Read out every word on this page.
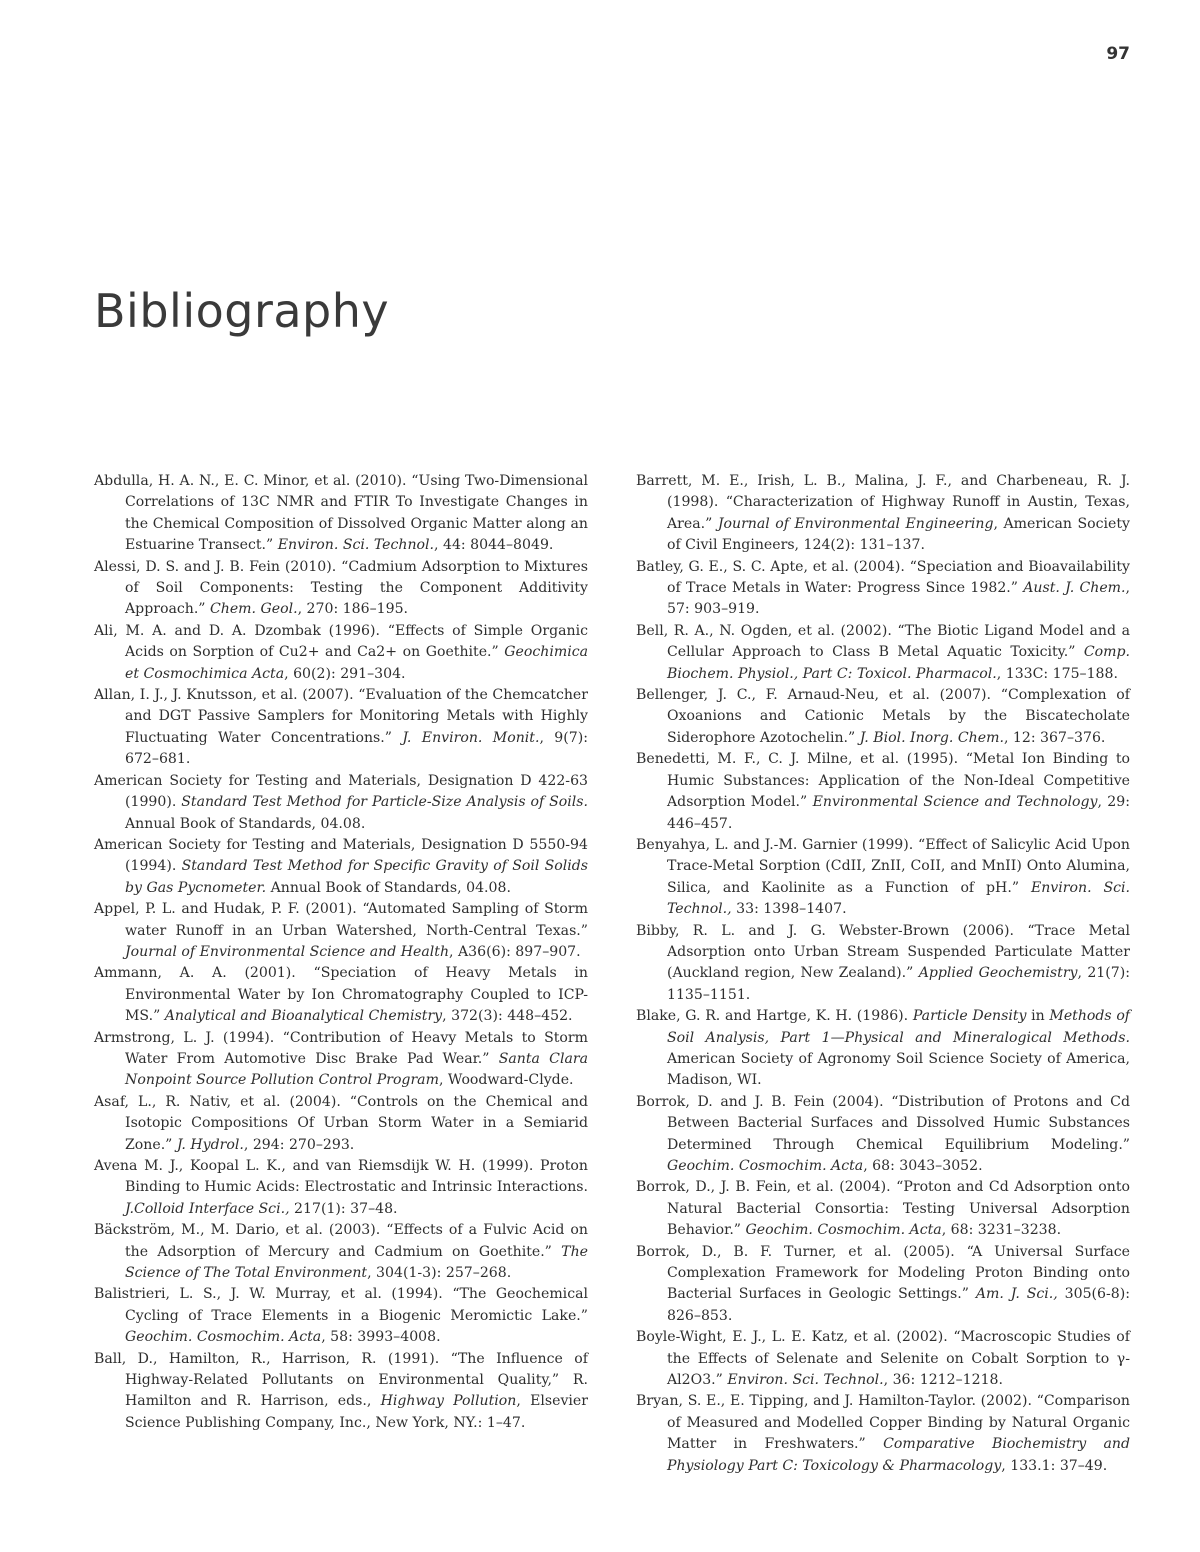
97
Bibliography
Abdulla, H. A. N., E. C. Minor, et al. (2010). “Using Two-Dimensional Correlations of 13C NMR and FTIR To Investigate Changes in the Chemical Composition of Dissolved Organic Matter along an Estuarine Transect.” Environ. Sci. Technol., 44: 8044–8049.
Alessi, D. S. and J. B. Fein (2010). “Cadmium Adsorption to Mixtures of Soil Components: Testing the Component Additivity Approach.” Chem. Geol., 270: 186–195.
Ali, M. A. and D. A. Dzombak (1996). “Effects of Simple Organic Acids on Sorption of Cu2+ and Ca2+ on Goethite.” Geochimica et Cosmochimica Acta, 60(2): 291–304.
Allan, I. J., J. Knutsson, et al. (2007). “Evaluation of the Chemcatcher and DGT Passive Samplers for Monitoring Metals with Highly Fluctuating Water Concentrations.” J. Environ. Monit., 9(7): 672–681.
American Society for Testing and Materials, Designation D 422-63 (1990). Standard Test Method for Particle-Size Analysis of Soils. Annual Book of Standards, 04.08.
American Society for Testing and Materials, Designation D 5550-94 (1994). Standard Test Method for Specific Gravity of Soil Solids by Gas Pycnometer. Annual Book of Standards, 04.08.
Appel, P. L. and Hudak, P. F. (2001). “Automated Sampling of Storm water Runoff in an Urban Watershed, North-Central Texas.” Journal of Environmental Science and Health, A36(6): 897–907.
Ammann, A. A. (2001). “Speciation of Heavy Metals in Environmental Water by Ion Chromatography Coupled to ICP-MS.” Analytical and Bioanalytical Chemistry, 372(3): 448–452.
Armstrong, L. J. (1994). “Contribution of Heavy Metals to Storm Water From Automotive Disc Brake Pad Wear.” Santa Clara Nonpoint Source Pollution Control Program, Woodward-Clyde.
Asaf, L., R. Nativ, et al. (2004). “Controls on the Chemical and Isotopic Compositions Of Urban Storm Water in a Semiarid Zone.” J. Hydrol., 294: 270–293.
Avena M. J., Koopal L. K., and van Riemsdijk W. H. (1999). Proton Binding to Humic Acids: Electrostatic and Intrinsic Interactions. J.Colloid Interface Sci., 217(1): 37–48.
Bäckström, M., M. Dario, et al. (2003). “Effects of a Fulvic Acid on the Adsorption of Mercury and Cadmium on Goethite.” The Science of The Total Environment, 304(1-3): 257–268.
Balistrieri, L. S., J. W. Murray, et al. (1994). “The Geochemical Cycling of Trace Elements in a Biogenic Meromictic Lake.” Geochim. Cosmochim. Acta, 58: 3993–4008.
Ball, D., Hamilton, R., Harrison, R. (1991). “The Influence of Highway-Related Pollutants on Environmental Quality,” R. Hamilton and R. Harrison, eds., Highway Pollution, Elsevier Science Publishing Company, Inc., New York, NY.: 1–47.
Barrett, M. E., Irish, L. B., Malina, J. F., and Charbeneau, R. J. (1998). “Characterization of Highway Runoff in Austin, Texas, Area.” Journal of Environmental Engineering, American Society of Civil Engineers, 124(2): 131–137.
Batley, G. E., S. C. Apte, et al. (2004). “Speciation and Bioavailability of Trace Metals in Water: Progress Since 1982.” Aust. J. Chem., 57: 903–919.
Bell, R. A., N. Ogden, et al. (2002). “The Biotic Ligand Model and a Cellular Approach to Class B Metal Aquatic Toxicity.” Comp. Biochem. Physiol., Part C: Toxicol. Pharmacol., 133C: 175–188.
Bellenger, J. C., F. Arnaud-Neu, et al. (2007). “Complexation of Oxoanions and Cationic Metals by the Biscatecholate Siderophore Azotochelin.” J. Biol. Inorg. Chem., 12: 367–376.
Benedetti, M. F., C. J. Milne, et al. (1995). “Metal Ion Binding to Humic Substances: Application of the Non-Ideal Competitive Adsorption Model.” Environmental Science and Technology, 29: 446–457.
Benyahya, L. and J.-M. Garnier (1999). “Effect of Salicylic Acid Upon Trace-Metal Sorption (CdII, ZnII, CoII, and MnII) Onto Alumina, Silica, and Kaolinite as a Function of pH.” Environ. Sci. Technol., 33: 1398–1407.
Bibby, R. L. and J. G. Webster-Brown (2006). “Trace Metal Adsorption onto Urban Stream Suspended Particulate Matter (Auckland region, New Zealand).” Applied Geochemistry, 21(7): 1135–1151.
Blake, G. R. and Hartge, K. H. (1986). Particle Density in Methods of Soil Analysis, Part 1—Physical and Mineralogical Methods. American Society of Agronomy Soil Science Society of America, Madison, WI.
Borrok, D. and J. B. Fein (2004). “Distribution of Protons and Cd Between Bacterial Surfaces and Dissolved Humic Substances Determined Through Chemical Equilibrium Modeling.” Geochim. Cosmochim. Acta, 68: 3043–3052.
Borrok, D., J. B. Fein, et al. (2004). “Proton and Cd Adsorption onto Natural Bacterial Consortia: Testing Universal Adsorption Behavior.” Geochim. Cosmochim. Acta, 68: 3231–3238.
Borrok, D., B. F. Turner, et al. (2005). “A Universal Surface Complexation Framework for Modeling Proton Binding onto Bacterial Surfaces in Geologic Settings.” Am. J. Sci., 305(6-8): 826–853.
Boyle-Wight, E. J., L. E. Katz, et al. (2002). “Macroscopic Studies of the Effects of Selenate and Selenite on Cobalt Sorption to γ-Al2O3.” Environ. Sci. Technol., 36: 1212–1218.
Bryan, S. E., E. Tipping, and J. Hamilton-Taylor. (2002). “Comparison of Measured and Modelled Copper Binding by Natural Organic Matter in Freshwaters.” Comparative Biochemistry and Physiology Part C: Toxicology & Pharmacology, 133.1: 37–49.
